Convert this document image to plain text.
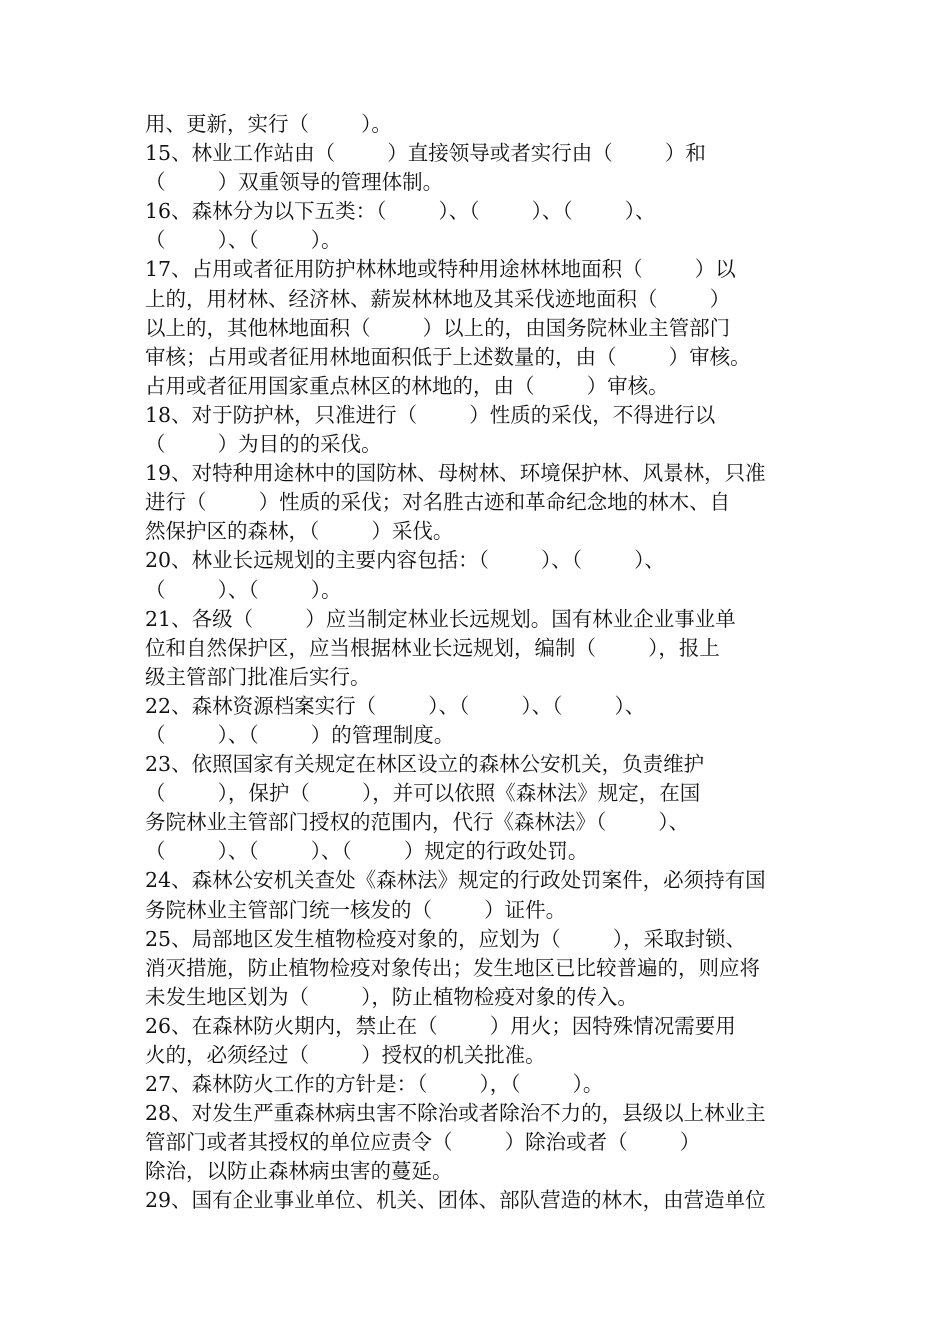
用、更新，实行（        ）。
15、林业工作站由（        ）直接领导或者实行由（        ）和
（        ）双重领导的管理体制。
16、森林分为以下五类：（        ）、（        ）、（        ）、
（        ）、（        ）。
17、占用或者征用防护林林地或特种用途林林地面积（        ）以
上的，用材林、经济林、薪炭林林地及其采伐迹地面积（        ）
以上的，其他林地面积（        ）以上的，由国务院林业主管部门
审核；占用或者征用林地面积低于上述数量的，由（        ）审核。
占用或者征用国家重点林区的林地的，由（        ）审核。
18、对于防护林，只准进行（        ）性质的采伐，不得进行以
（        ）为目的的采伐。
19、对特种用途林中的国防林、母树林、环境保护林、风景林，只准
进行（        ）性质的采伐；对名胜古迹和革命纪念地的林木、自
然保护区的森林，（        ）采伐。
20、林业长远规划的主要内容包括：（        ）、（        ）、
（        ）、（        ）。
21、各级（        ）应当制定林业长远规划。国有林业企业事业单
位和自然保护区，应当根据林业长远规划，编制（        ），报上
级主管部门批准后实行。
22、森林资源档案实行（        ）、（        ）、（        ）、
（        ）、（        ）的管理制度。
23、依照国家有关规定在林区设立的森林公安机关，负责维护
（        ），保护（        ），并可以依照《森林法》规定，在国
务院林业主管部门授权的范围内，代行《森林法》（        ）、
（        ）、（        ）、（        ）规定的行政处罚。
24、森林公安机关查处《森林法》规定的行政处罚案件，必须持有国
务院林业主管部门统一核发的（        ）证件。
25、局部地区发生植物检疫对象的，应划为（        ），采取封锁、
消灭措施，防止植物检疫对象传出；发生地区已比较普遍的，则应将
未发生地区划为（        ），防止植物检疫对象的传入。
26、在森林防火期内，禁止在（        ）用火；因特殊情况需要用
火的，必须经过（        ）授权的机关批准。
27、森林防火工作的方针是：（        ），（        ）。
28、对发生严重森林病虫害不除治或者除治不力的，县级以上林业主
管部门或者其授权的单位应责令（        ）除治或者（        ）
除治，以防止森林病虫害的蔓延。
29、国有企业事业单位、机关、团体、部队营造的林木，由营造单位
